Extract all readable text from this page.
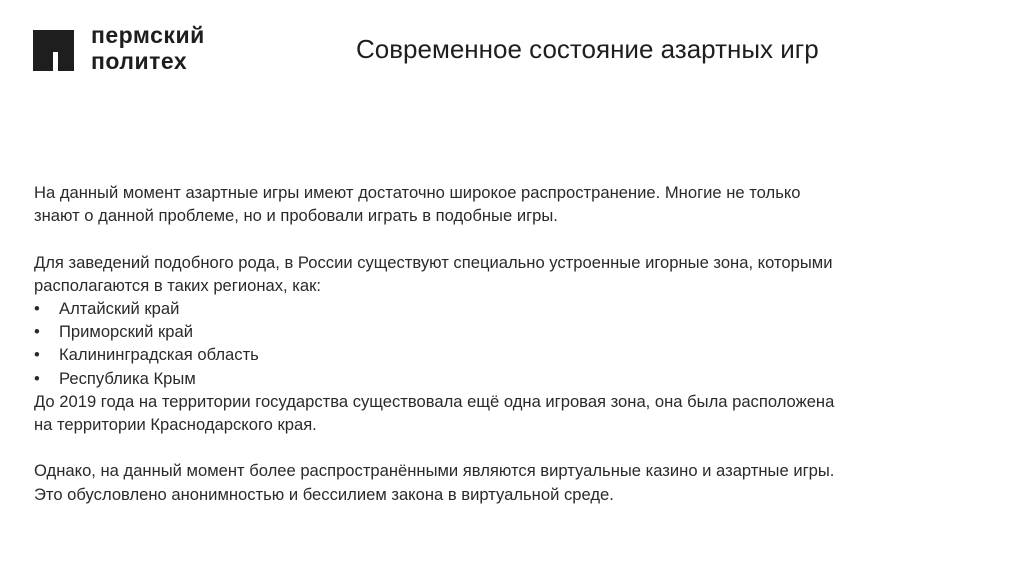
пермский
политех	Современное состояние азартных игр

На данный момент азартные игры имеют достаточно широкое распространение. Многие не только

знают о данной проблеме, но и пробовали играть в подобные игры.

Для заведений подобного рода, в России существуют специально устроенные игорные зона, которыми

располагаются в таких регионах, как:

• Алтайский край
• Приморский край
• Калининградская область
• Республика Крым

До 2019 года на территории государства существовала ещё одна игровая зона, она была расположена

на территории Краснодарского края.

Однако, на данный момент более распространёнными являются виртуальные казино и азартные игры.

Это обусловлено анонимностью и бессилием закона в виртуальной среде.
